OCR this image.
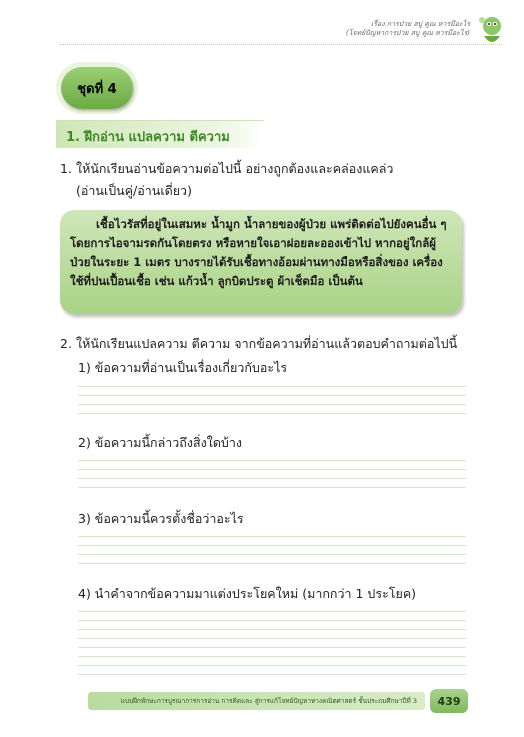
เรื่อง การป่วย สบู่ คูณ หารมีอะไร
(โจทย์ปัญหาการป่วย สบู่ คูณ หารมีอะไร)
ชุดที่ 4
1. ฝึกอ่าน แปลความ ตีความ
1. ให้นักเรียนอ่านข้อความต่อไปนี้ อย่างถูกต้องและคล่องแคล่ว
(อ่านเป็นคู่/อ่านเดี่ยว)

เชื้อไวรัสที่อยู่ในเสมหะ น้ำมูก น้ำลายของผู้ป่วย แพร่ติดต่อไปยังคนอื่น ๆ โดยการไอจามรดกันโดยตรง หรือหายใจเอาฝอยละอองเข้าไป หากอยู่ใกล้ผู้ป่วยในระยะ 1 เมตร บางรายได้รับเชื้อทางอ้อมผ่านทางมือหรือสิ่งของ เครื่องใช้ที่ปนเปื้อนเชื้อ เช่น แก้วน้ำ ลูกบิดประตู ผ้าเช็ดมือ เป็นต้น

2. ให้นักเรียนแปลความ ตีความ จากข้อความที่อ่านแล้วตอบคำถามต่อไปนี้
1) ข้อความที่อ่านเป็นเรื่องเกี่ยวกับอะไร
2) ข้อความนี้กล่าวถึงสิ่งใดบ้าง
3) ข้อความนี้ควรตั้งชื่อว่าอะไร
4) นำคำจากข้อความมาแต่งประโยคใหม่ (มากกว่า 1 ประโยค)
แบบฝึกทักษะการบูรณาการการอ่าน การคิดและ สู่การแก้โจทย์ปัญหาทางคณิตศาสตร์ ชั้นประถมศึกษาปีที่ 3	439
